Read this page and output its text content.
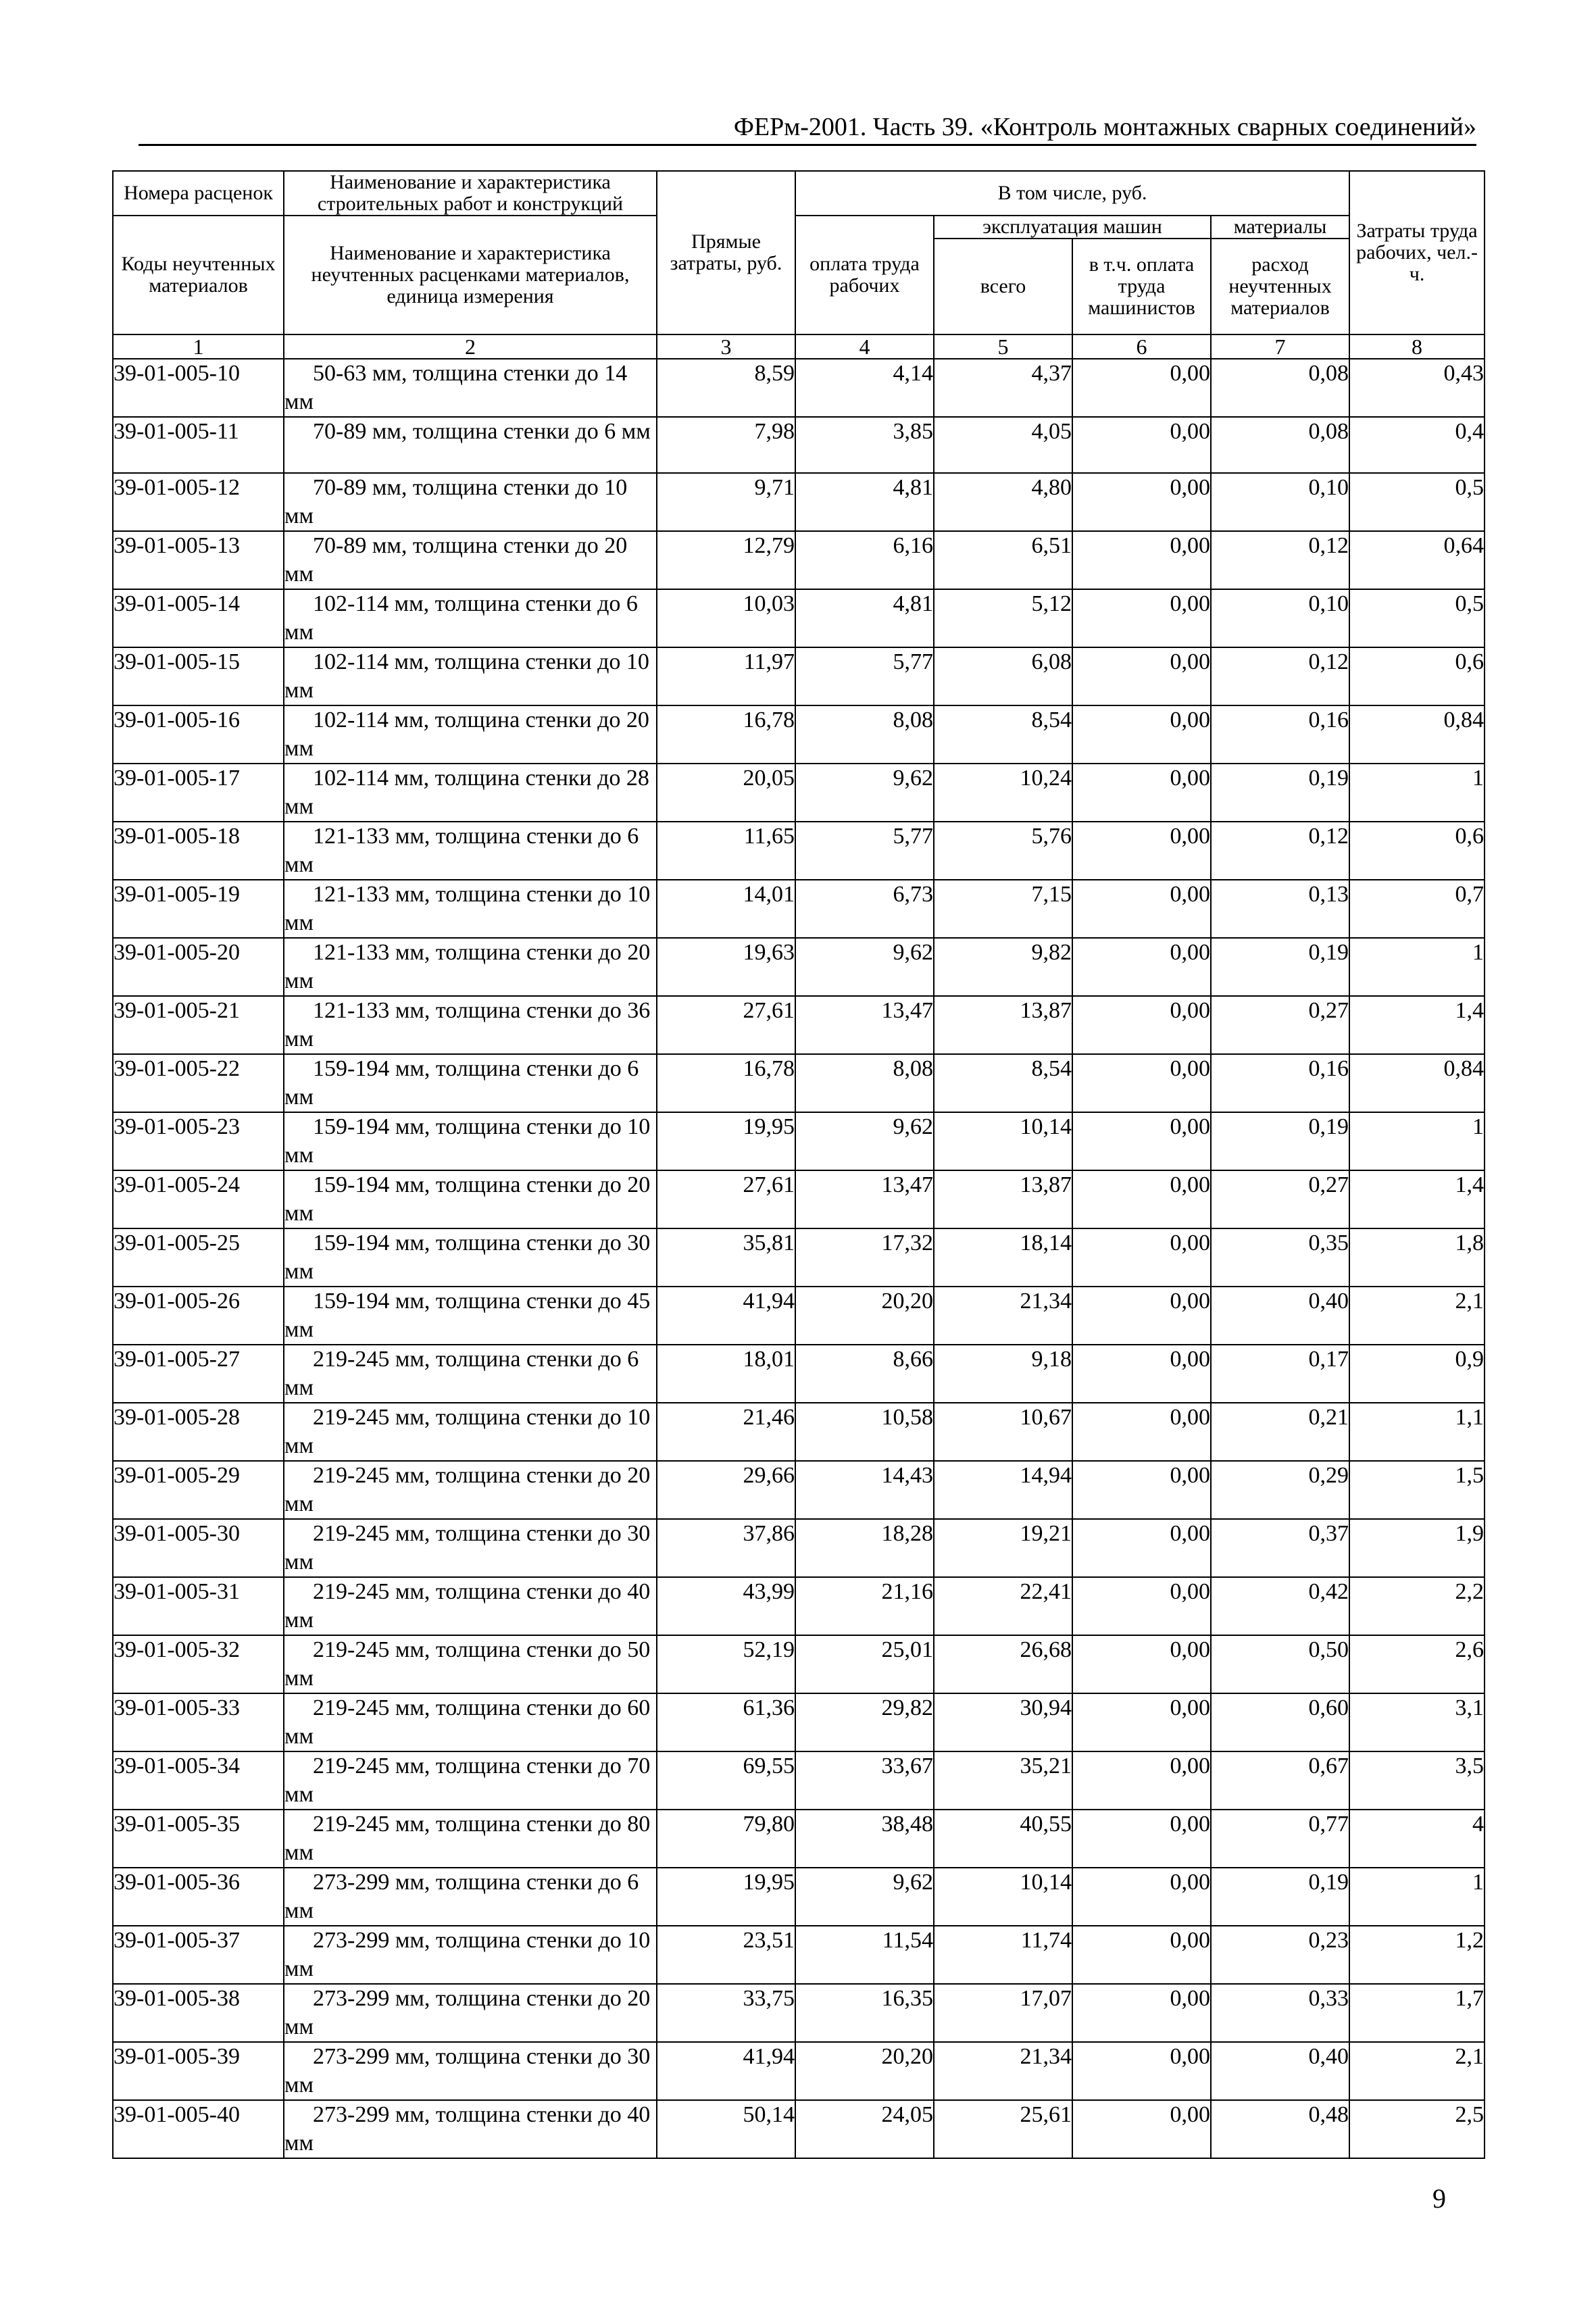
ФЕРм-2001. Часть 39. «Контроль монтажных сварных соединений»
Номера расценок	Наименование и характеристика строительных работ и конструкций	Прямые затраты, руб.	В том числе, руб.				Затраты труда рабочих, чел.-ч.
Коды неучтенных материалов	Наименование и характеристика неучтенных расценками материалов, единица измерения		оплата труда рабочих	эксплуатация машин		материалы	
				всего	в т.ч. оплата труда машинистов	расход неучтенных материалов	
1	2	3	4	5	6	7	8
39-01-005-10	50-63 мм, толщина стенки до 14 мм	8,59	4,14	4,37	0,00	0,08	0,43
39-01-005-11	70-89 мм, толщина стенки до 6 мм	7,98	3,85	4,05	0,00	0,08	0,4
39-01-005-12	70-89 мм, толщина стенки до 10 мм	9,71	4,81	4,80	0,00	0,10	0,5
39-01-005-13	70-89 мм, толщина стенки до 20 мм	12,79	6,16	6,51	0,00	0,12	0,64
39-01-005-14	102-114 мм, толщина стенки до 6 мм	10,03	4,81	5,12	0,00	0,10	0,5
39-01-005-15	102-114 мм, толщина стенки до 10 мм	11,97	5,77	6,08	0,00	0,12	0,6
39-01-005-16	102-114 мм, толщина стенки до 20 мм	16,78	8,08	8,54	0,00	0,16	0,84
39-01-005-17	102-114 мм, толщина стенки до 28 мм	20,05	9,62	10,24	0,00	0,19	1
39-01-005-18	121-133 мм, толщина стенки до 6 мм	11,65	5,77	5,76	0,00	0,12	0,6
39-01-005-19	121-133 мм, толщина стенки до 10 мм	14,01	6,73	7,15	0,00	0,13	0,7
39-01-005-20	121-133 мм, толщина стенки до 20 мм	19,63	9,62	9,82	0,00	0,19	1
39-01-005-21	121-133 мм, толщина стенки до 36 мм	27,61	13,47	13,87	0,00	0,27	1,4
39-01-005-22	159-194 мм, толщина стенки до 6 мм	16,78	8,08	8,54	0,00	0,16	0,84
39-01-005-23	159-194 мм, толщина стенки до 10 мм	19,95	9,62	10,14	0,00	0,19	1
39-01-005-24	159-194 мм, толщина стенки до 20 мм	27,61	13,47	13,87	0,00	0,27	1,4
39-01-005-25	159-194 мм, толщина стенки до 30 мм	35,81	17,32	18,14	0,00	0,35	1,8
39-01-005-26	159-194 мм, толщина стенки до 45 мм	41,94	20,20	21,34	0,00	0,40	2,1
39-01-005-27	219-245 мм, толщина стенки до 6 мм	18,01	8,66	9,18	0,00	0,17	0,9
39-01-005-28	219-245 мм, толщина стенки до 10 мм	21,46	10,58	10,67	0,00	0,21	1,1
39-01-005-29	219-245 мм, толщина стенки до 20 мм	29,66	14,43	14,94	0,00	0,29	1,5
39-01-005-30	219-245 мм, толщина стенки до 30 мм	37,86	18,28	19,21	0,00	0,37	1,9
39-01-005-31	219-245 мм, толщина стенки до 40 мм	43,99	21,16	22,41	0,00	0,42	2,2
39-01-005-32	219-245 мм, толщина стенки до 50 мм	52,19	25,01	26,68	0,00	0,50	2,6
39-01-005-33	219-245 мм, толщина стенки до 60 мм	61,36	29,82	30,94	0,00	0,60	3,1
39-01-005-34	219-245 мм, толщина стенки до 70 мм	69,55	33,67	35,21	0,00	0,67	3,5
39-01-005-35	219-245 мм, толщина стенки до 80 мм	79,80	38,48	40,55	0,00	0,77	4
39-01-005-36	273-299 мм, толщина стенки до 6 мм	19,95	9,62	10,14	0,00	0,19	1
39-01-005-37	273-299 мм, толщина стенки до 10 мм	23,51	11,54	11,74	0,00	0,23	1,2
39-01-005-38	273-299 мм, толщина стенки до 20 мм	33,75	16,35	17,07	0,00	0,33	1,7
39-01-005-39	273-299 мм, толщина стенки до 30 мм	41,94	20,20	21,34	0,00	0,40	2,1
39-01-005-40	273-299 мм, толщина стенки до 40 мм	50,14	24,05	25,61	0,00	0,48	2,5
9
